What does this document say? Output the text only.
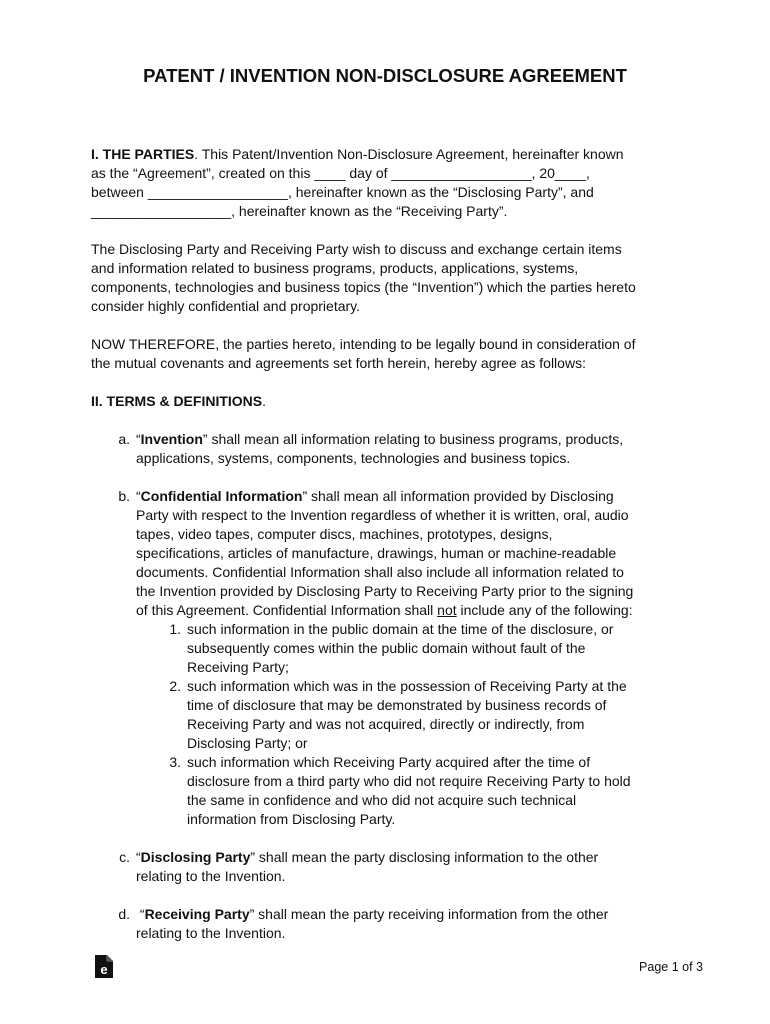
PATENT / INVENTION NON-DISCLOSURE AGREEMENT

I. THE PARTIES. This Patent/Invention Non-Disclosure Agreement, hereinafter known

as the “Agreement”, created on this ____ day of __________________, 20____,

between __________________, hereinafter known as the “Disclosing Party”, and

__________________, hereinafter known as the “Receiving Party”.

The Disclosing Party and Receiving Party wish to discuss and exchange certain items

and information related to business programs, products, applications, systems,

components, technologies and business topics (the “Invention”) which the parties hereto

consider highly confidential and proprietary.

NOW THEREFORE, the parties hereto, intending to be legally bound in consideration of

the mutual covenants and agreements set forth herein, hereby agree as follows:

II. TERMS & DEFINITIONS.

a. “Invention” shall mean all information relating to business programs, products,

applications, systems, components, technologies and business topics.

b. “Confidential Information” shall mean all information provided by Disclosing

Party with respect to the Invention regardless of whether it is written, oral, audio

tapes, video tapes, computer discs, machines, prototypes, designs,

specifications, articles of manufacture, drawings, human or machine-readable

documents. Confidential Information shall also include all information related to

the Invention provided by Disclosing Party to Receiving Party prior to the signing

of this Agreement. Confidential Information shall not include any of the following:

1. such information in the public domain at the time of the disclosure, or

subsequently comes within the public domain without fault of the

Receiving Party;

2. such information which was in the possession of Receiving Party at the

time of disclosure that may be demonstrated by business records of

Receiving Party and was not acquired, directly or indirectly, from

Disclosing Party; or

3. such information which Receiving Party acquired after the time of

disclosure from a third party who did not require Receiving Party to hold

the same in confidence and who did not acquire such technical

information from Disclosing Party.

c. “Disclosing Party” shall mean the party disclosing information to the other

relating to the Invention.

d. “Receiving Party” shall mean the party receiving information from the other

relating to the Invention.

e	Page 1 of 3
